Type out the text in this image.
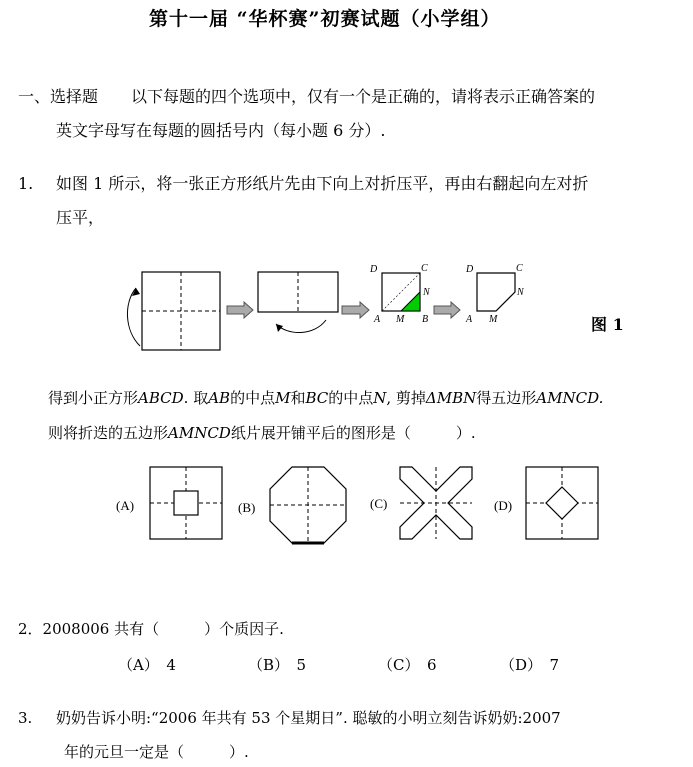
第十一届 “华杯赛”初赛试题（小学组）
一、选择题 以下每题的四个选项中，仅有一个是正确的，请将表示正确答案的
英文字母写在每题的圆括号内（每小题 6 分）.
1. 如图 1 所示，将一张正方形纸片先由下向上对折压平，再由右翻起向左对折
压平，
D	C
N
A M B
D	C
N
A M	图 1
得到小正方形ABCD. 取AB的中点M和BC的中点N, 剪掉ΔMBN得五边形AMNCD.
则将折迭的五边形AMNCD纸片展开铺平后的图形是（　　　）.
(A)	(B)	(C)	(D)
2．2008006 共有（　　　）个质因子.
（A）　4	（B）　5	（C）　6	（D）　7
3. 奶奶告诉小明:“2006 年共有 53 个星期日”. 聪敏的小明立刻告诉奶奶:2007
年的元旦一定是（　　　）.
